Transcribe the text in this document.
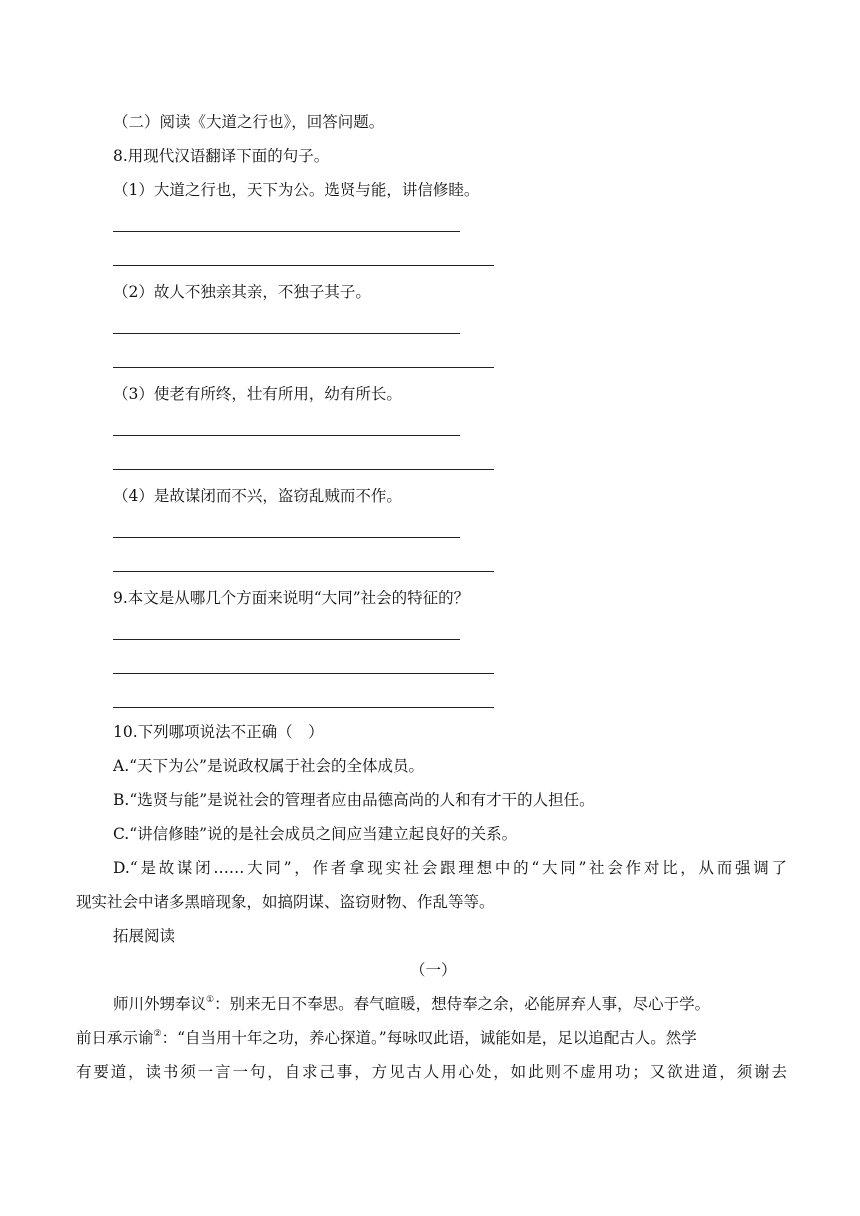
（二）阅读《大道之行也》，回答问题。
8.用现代汉语翻译下面的句子。
（1）大道之行也，天下为公。选贤与能，讲信修睦。
（2）故人不独亲其亲，不独子其子。
（3）使老有所终，壮有所用，幼有所长。
（4）是故谋闭而不兴，盗窃乱贼而不作。
9.本文是从哪几个方面来说明“大同”社会的特征的？
10.下列哪项说法不正确（　）
A.“天下为公”是说政权属于社会的全体成员。
B.“选贤与能”是说社会的管理者应由品德高尚的人和有才干的人担任。
C.“讲信修睦”说的是社会成员之间应当建立起良好的关系。
D.“是故谋闭……大同”，作者拿现实社会跟理想中的“大同”社会作对比，从而强调了
现实社会中诸多黑暗现象，如搞阴谋、盗窃财物、作乱等等。
拓展阅读
（一）
师川外甥奉议①：别来无日不奉思。春气暄暖，想侍奉之余，必能屏弃人事，尽心于学。
前日承示谕②：“自当用十年之功，养心探道。”每咏叹此语，诚能如是，足以追配古人。然学
有要道，读书须一言一句，自求己事，方见古人用心处，如此则不虚用功；又欲进道，须谢去
